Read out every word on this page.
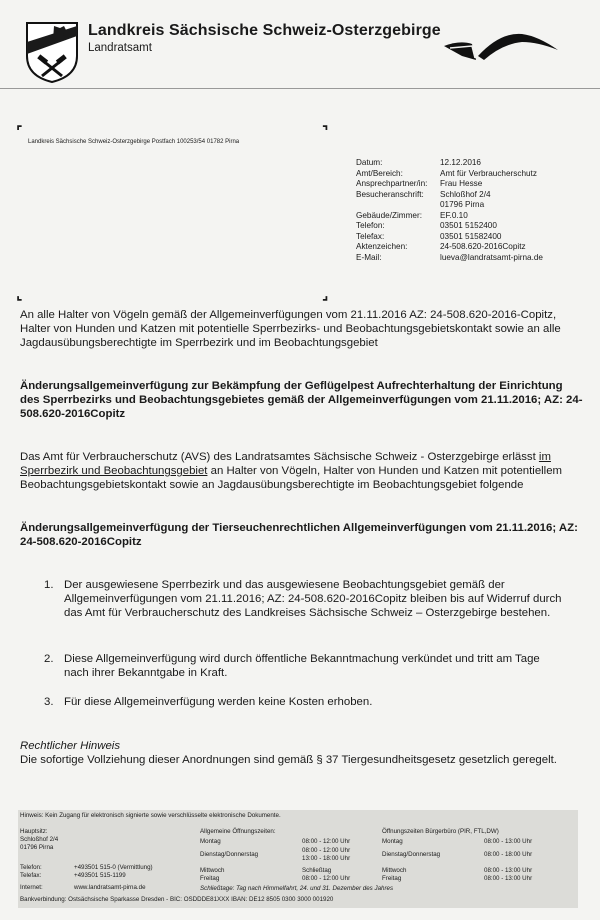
Landkreis Sächsische Schweiz-Osterzgebirge
Landratsamt
⌜	⌝
⌞	⌟
Landkreis Sächsische Schweiz-Osterzgebirge Postfach 100253/54 01782 Pirna
Datum:	12.12.2016
Amt/Bereich:	Amt für Verbraucherschutz
Ansprechpartner/in:	Frau Hesse
Besucheranschrift:	Schloßhof 2/4
	01796 Pirna
Gebäude/Zimmer:	EF.0.10
Telefon:	03501 5152400
Telefax:	03501 51582400
Aktenzeichen:	24-508.620-2016Copitz
E-Mail:	lueva@landratsamt-pirna.de
An alle Halter von Vögeln gemäß der Allgemeinverfügungen vom 21.11.2016 AZ: 24-508.620-2016-Copitz,
Halter von Hunden und Katzen mit potentielle Sperrbezirks- und Beobachtungsgebietskontakt sowie an alle Jagdausübungsberechtigte im Sperrbezirk und im Beobachtungsgebiet
Änderungsallgemeinverfügung zur Bekämpfung der Geflügelpest Aufrechterhaltung der Einrichtung des Sperrbezirks und Beobachtungsgebietes gemäß der Allgemeinverfügungen vom 21.11.2016; AZ: 24-508.620-2016Copitz
Das Amt für Verbraucherschutz (AVS) des Landratsamtes Sächsische Schweiz - Osterzgebirge erlässt im Sperrbezirk und Beobachtungsgebiet an Halter von Vögeln, Halter von Hunden und Katzen mit potentiellem Beobachtungsgebietskontakt sowie an Jagdausübungsberechtigte im Beobachtungsgebiet folgende
Änderungsallgemeinverfügung der Tierseuchenrechtlichen Allgemeinverfügungen vom 21.11.2016; AZ: 24-508.620-2016Copitz
1. Der ausgewiesene Sperrbezirk und das ausgewiesene Beobachtungsgebiet gemäß der Allgemeinverfügungen vom 21.11.2016; AZ: 24-508.620-2016Copitz bleiben bis auf Widerruf durch das Amt für Verbraucherschutz des Landkreises Sächsische Schweiz – Osterzgebirge bestehen.
2. Diese Allgemeinverfügung wird durch öffentliche Bekanntmachung verkündet und tritt am Tage nach ihrer Bekanntgabe in Kraft.
3. Für diese Allgemeinverfügung werden keine Kosten erhoben.
Rechtlicher Hinweis
Die sofortige Vollziehung dieser Anordnungen sind gemäß § 37 Tiergesundheitsgesetz gesetzlich geregelt.
Hinweis: Kein Zugang für elektronisch signierte sowie verschlüsselte elektronische Dokumente.
Hauptsitz:
Schloßhof 2/4
01796 Pirna
Telefon:	+493501 515-0 (Vermittlung)
Telefax:	+493501 515-1199
Internet:	www.landratsamt-pirna.de
Allgemeine Öffnungszeiten:
Montag	08:00 - 12:00 Uhr
Dienstag/Donnerstag
08:00 - 12:00 Uhr
13:00 - 18:00 Uhr
Mittwoch	Schließtag
Freitag	08:00 - 12:00 Uhr
Öffnungszeiten Bürgerbüro (PIR, FTL,DW)
Montag	08:00 - 13:00 Uhr
Dienstag/Donnerstag	08:00 - 18:00 Uhr
Mittwoch	08:00 - 13:00 Uhr
Freitag	08:00 - 13:00 Uhr
Schließtage: Tag nach Himmelfahrt, 24. und 31. Dezember des Jahres
Bankverbindung: Ostsächsische Sparkasse Dresden - BIC: OSDDDE81XXX IBAN: DE12 8505 0300 3000 001920
